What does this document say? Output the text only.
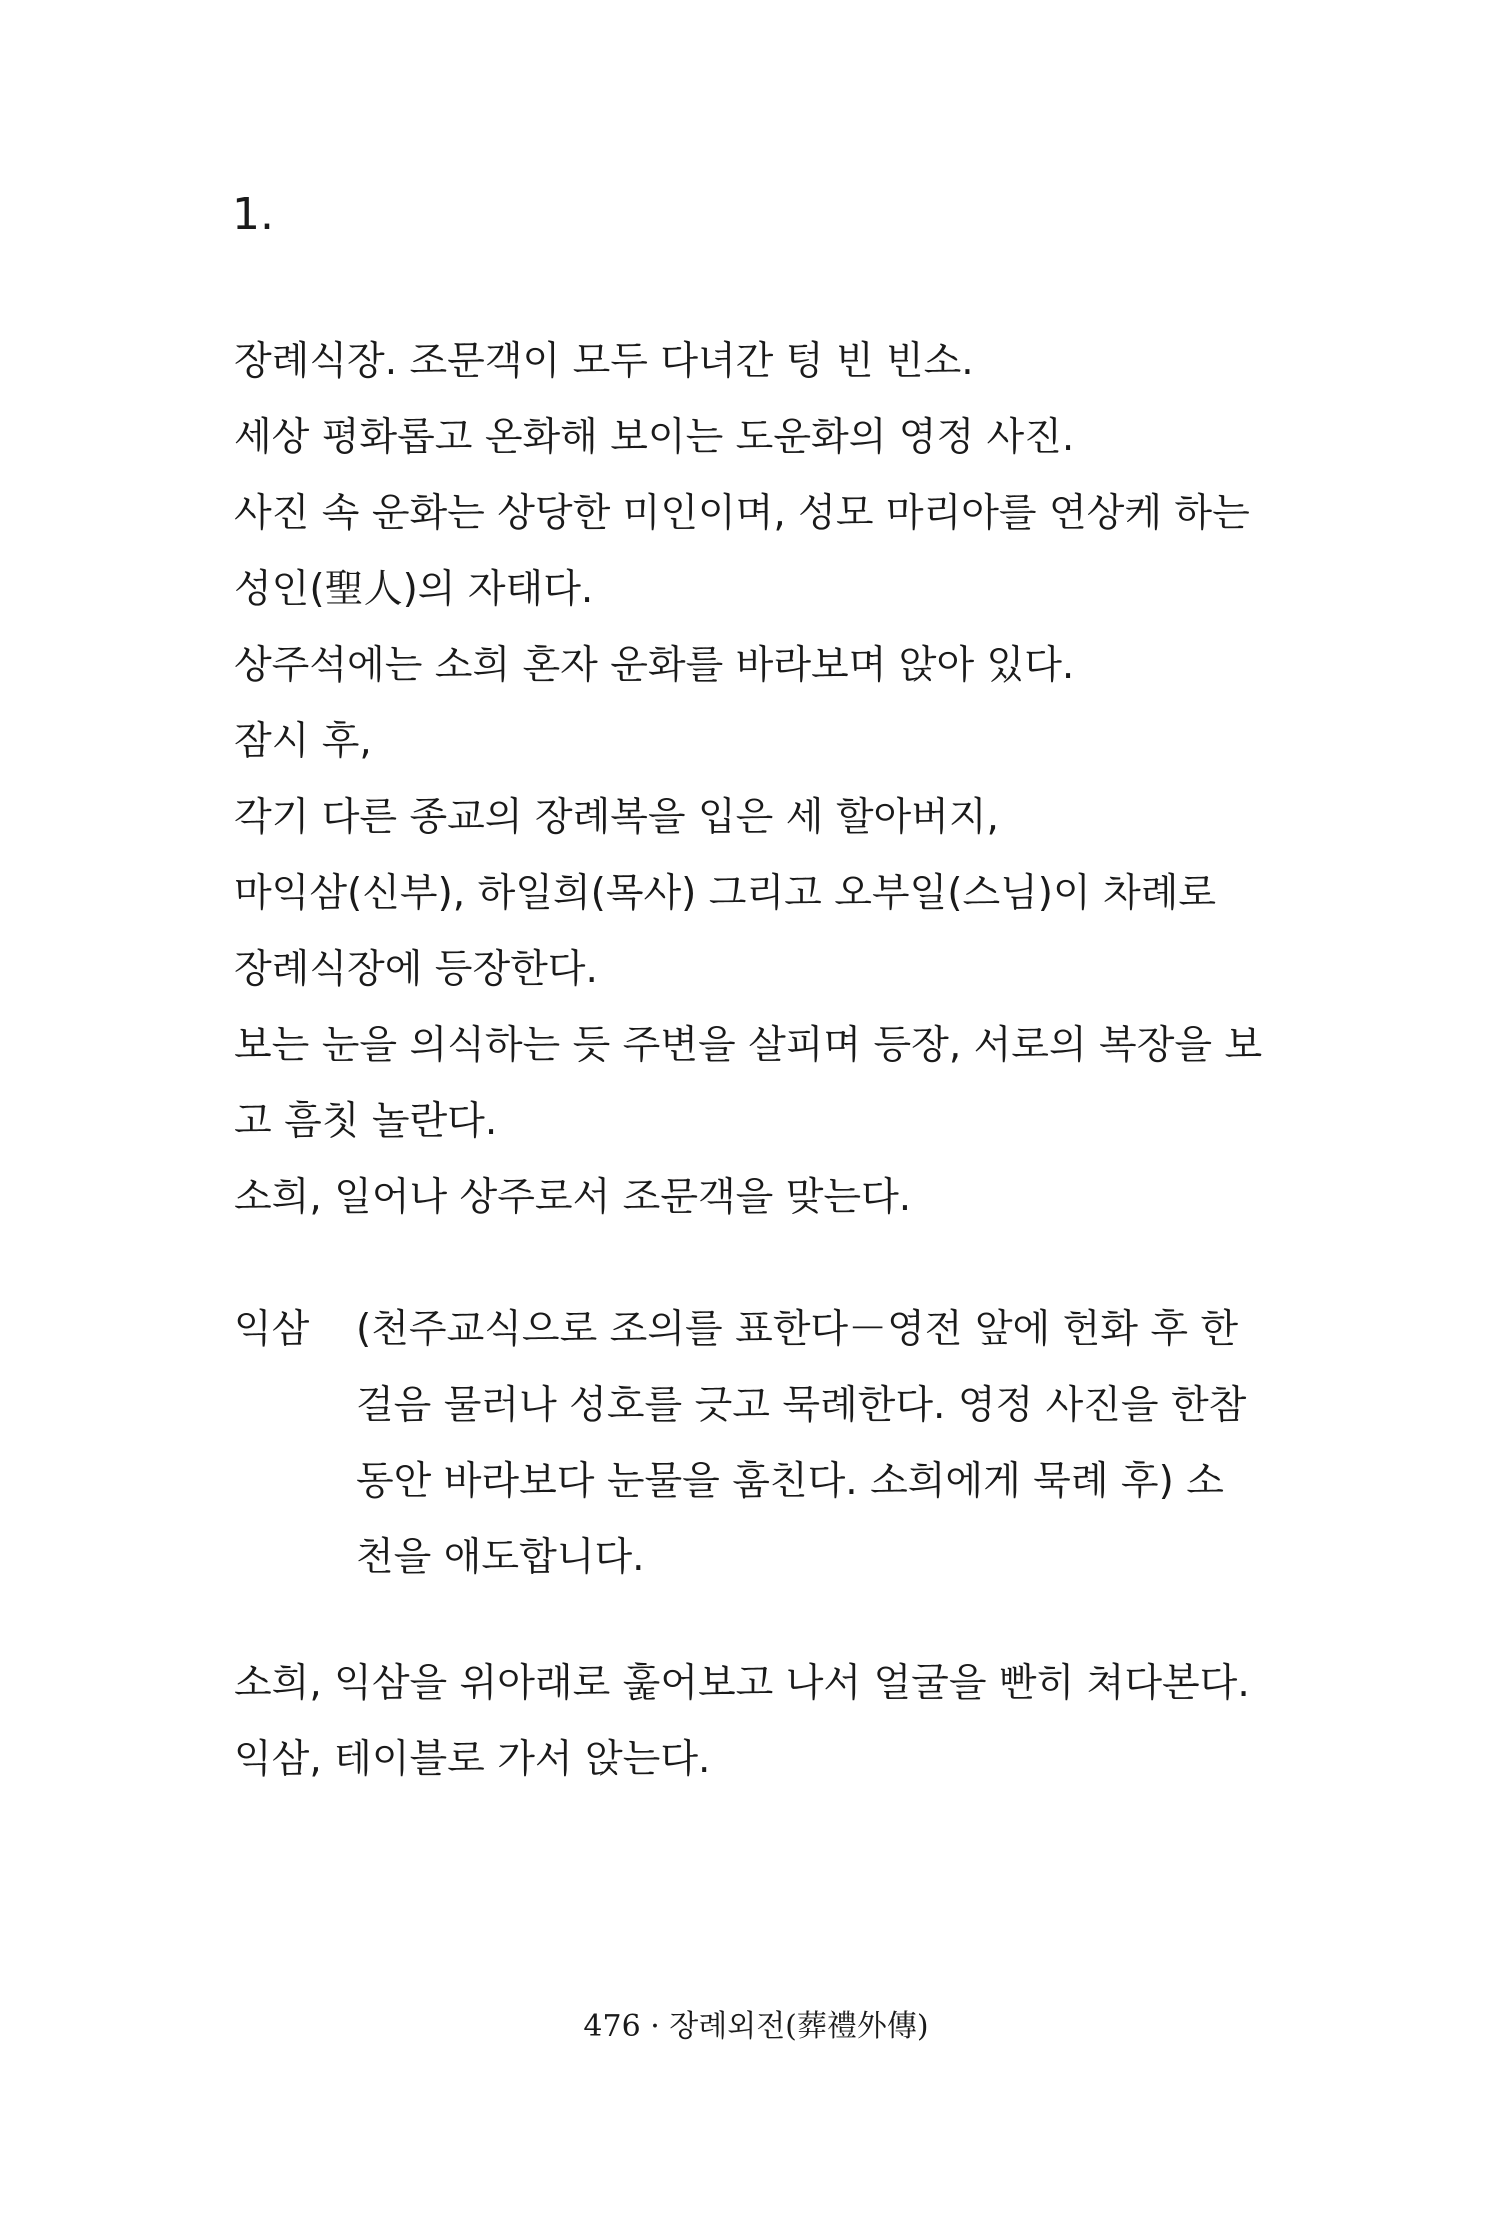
1.
장례식장. 조문객이 모두 다녀간 텅 빈 빈소.
세상 평화롭고 온화해 보이는 도운화의 영정 사진.
사진 속 운화는 상당한 미인이며, 성모 마리아를 연상케 하는
성인(聖人)의 자태다.
상주석에는 소희 혼자 운화를 바라보며 앉아 있다.
잠시 후,
각기 다른 종교의 장례복을 입은 세 할아버지,
마익삼(신부), 하일희(목사) 그리고 오부일(스님)이 차례로
장례식장에 등장한다.
보는 눈을 의식하는 듯 주변을 살피며 등장, 서로의 복장을 보
고 흠칫 놀란다.
소희, 일어나 상주로서 조문객을 맞는다.
익삼 (천주교식으로 조의를 표한다－영전 앞에 헌화 후 한
걸음 물러나 성호를 긋고 묵례한다. 영정 사진을 한참
동안 바라보다 눈물을 훔친다. 소희에게 묵례 후) 소
천을 애도합니다.
소희, 익삼을 위아래로 훑어보고 나서 얼굴을 빤히 쳐다본다.
익삼, 테이블로 가서 앉는다.
476 · 장례외전(葬禮外傳)
